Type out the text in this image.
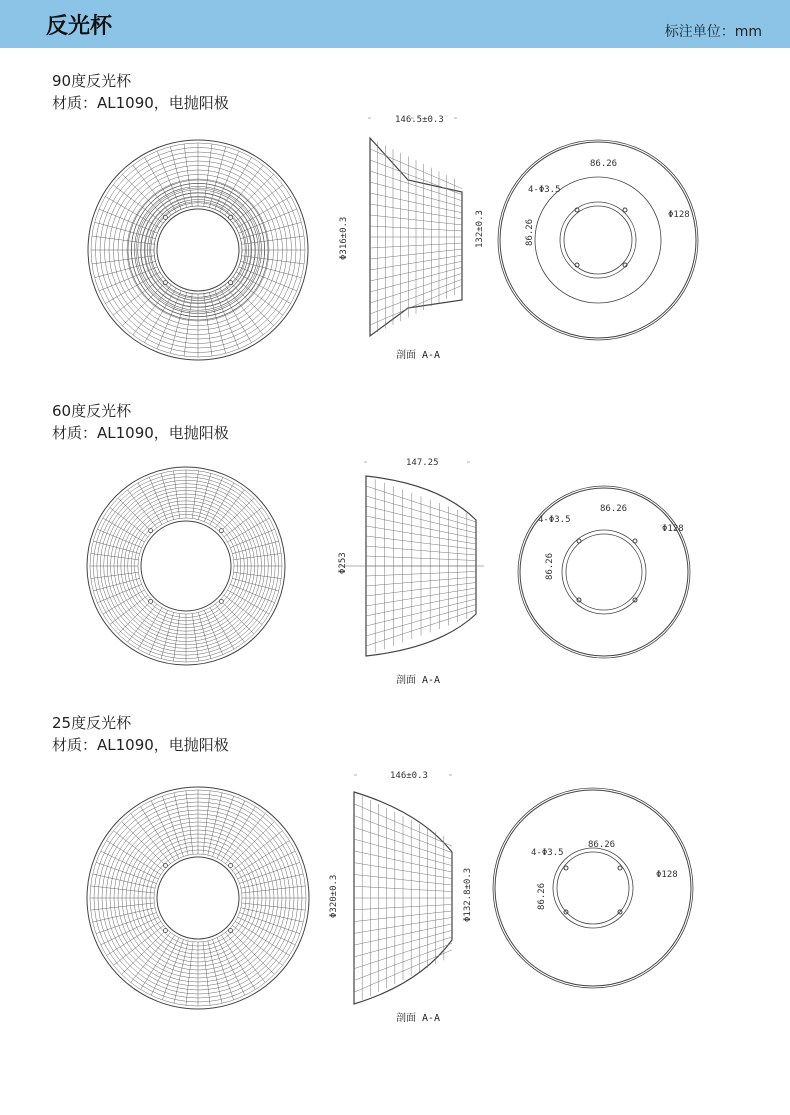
反光杯	标注单位：mm
90度反光杯
材质：AL1090，电抛阳极
146.5±0.3
Φ316±0.3	132±0.3
剖面 A-A
86.26
4-Φ3.5
Φ128
86.26
60度反光杯
材质：AL1090，电抛阳极
147.25
Φ253
剖面 A-A
86.26
4-Φ3.5
Φ128
86.26
25度反光杯
材质：AL1090，电抛阳极
146±0.3
Φ320±0.3	Φ132.8±0.3
剖面 A-A
86.26
4-Φ3.5
Φ128
86.26
